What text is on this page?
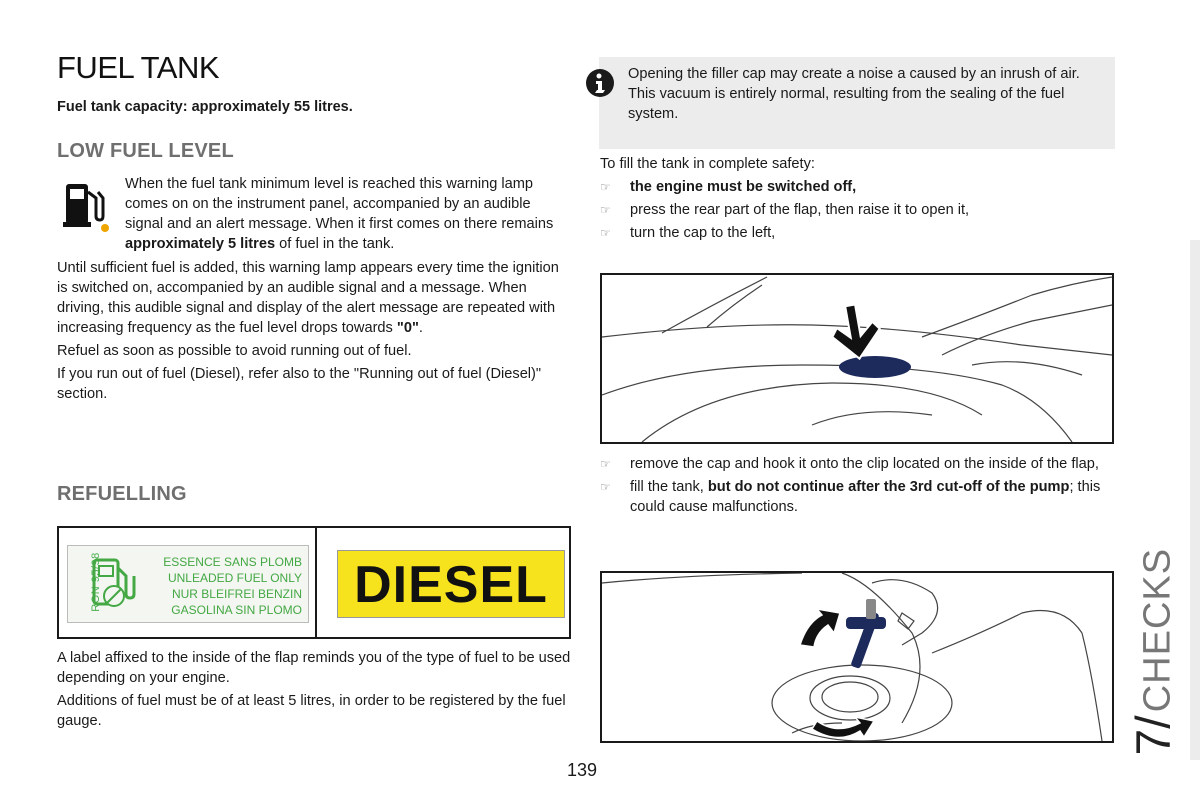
FUEL TANK
Fuel tank capacity: approximately 55 litres.
LOW FUEL LEVEL
When the fuel tank minimum level is reached this warning lamp comes on on the instrument panel, accompanied by an audible signal and an alert message. When it first comes on there remains approximately 5 litres of fuel in the tank.

Until sufficient fuel is added, this warning lamp appears every time the ignition is switched on, accompanied by an audible signal and a message. When driving, this audible signal and display of the alert message are repeated with increasing frequency as the fuel level drops towards "0".

Refuel as soon as possible to avoid running out of fuel.

If you run out of fuel (Diesel), refer also to the "Running out of fuel (Diesel)" section.

REFUELLING
RON 95/98	ESSENCE SANS PLOMB
UNLEADED FUEL ONLY
NUR BLEIFREI BENZIN
GASOLINA SIN PLOMO	DIESEL

A label affixed to the inside of the flap reminds you of the type of fuel to be used depending on your engine.

Additions of fuel must be of at least 5 litres, in order to be registered by the fuel gauge.

Opening the filler cap may create a noise a caused by an inrush of air. This vacuum is entirely normal, resulting from the sealing of the fuel system.

To fill the tank in complete safety:

☞ the engine must be switched off,
☞ press the rear part of the flap, then raise it to open it,
☞ turn the cap to the left,
☞ remove the cap and hook it onto the clip located on the inside of the flap,
☞ fill the tank, but do not continue after the 3rd cut-off of the pump; this could cause malfunctions.
7/ CHECKS
139
